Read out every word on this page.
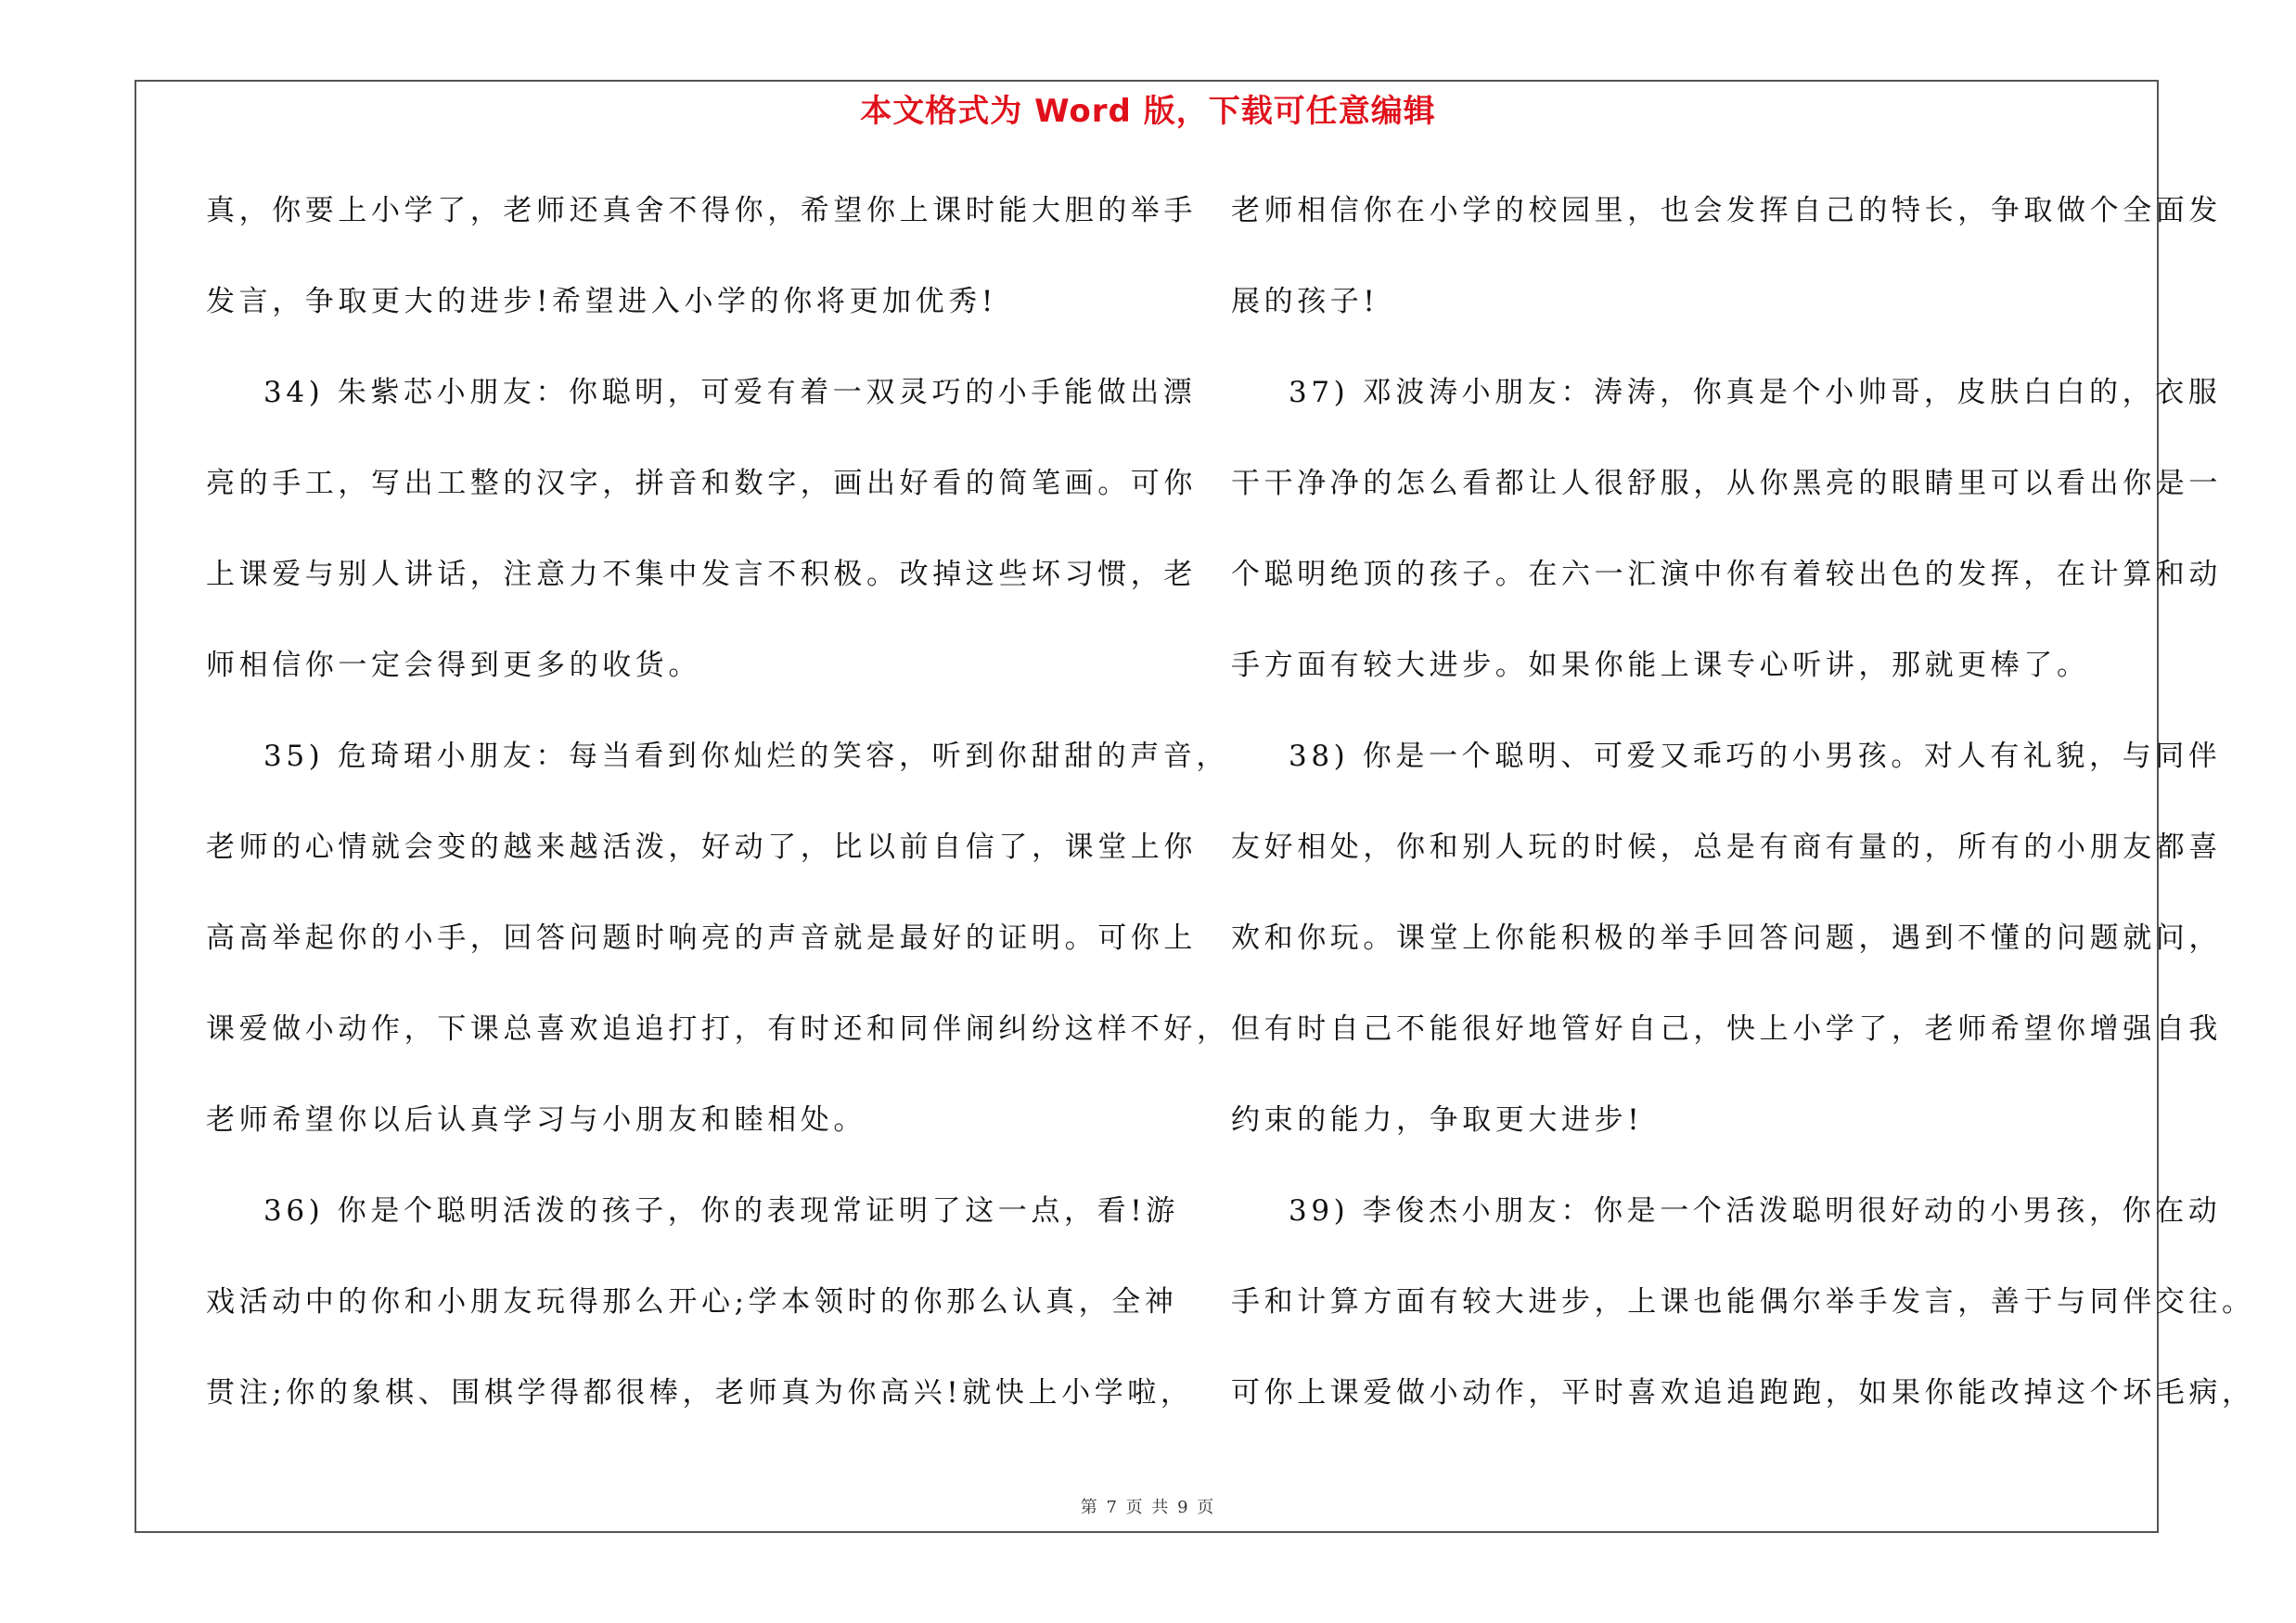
本文格式为 Word 版，下载可任意编辑
真，你要上小学了，老师还真舍不得你，希望你上课时能大胆的举手
发言，争取更大的进步!希望进入小学的你将更加优秀!
34) 朱紫芯小朋友：你聪明，可爱有着一双灵巧的小手能做出漂
亮的手工，写出工整的汉字，拼音和数字，画出好看的简笔画。可你
上课爱与别人讲话，注意力不集中发言不积极。改掉这些坏习惯，老
师相信你一定会得到更多的收货。
35) 危琦珺小朋友：每当看到你灿烂的笑容，听到你甜甜的声音，
老师的心情就会变的越来越活泼，好动了，比以前自信了，课堂上你
高高举起你的小手，回答问题时响亮的声音就是最好的证明。可你上
课爱做小动作，下课总喜欢追追打打，有时还和同伴闹纠纷这样不好，
老师希望你以后认真学习与小朋友和睦相处。
36) 你是个聪明活泼的孩子，你的表现常证明了这一点，看!游
戏活动中的你和小朋友玩得那么开心;学本领时的你那么认真，全神
贯注;你的象棋、围棋学得都很棒，老师真为你高兴!就快上小学啦，
老师相信你在小学的校园里，也会发挥自己的特长，争取做个全面发
展的孩子!
37) 邓波涛小朋友：涛涛，你真是个小帅哥，皮肤白白的，衣服
干干净净的怎么看都让人很舒服，从你黑亮的眼睛里可以看出你是一
个聪明绝顶的孩子。在六一汇演中你有着较出色的发挥，在计算和动
手方面有较大进步。如果你能上课专心听讲，那就更棒了。
38) 你是一个聪明、可爱又乖巧的小男孩。对人有礼貌，与同伴
友好相处，你和别人玩的时候，总是有商有量的，所有的小朋友都喜
欢和你玩。课堂上你能积极的举手回答问题，遇到不懂的问题就问，
但有时自己不能很好地管好自己，快上小学了，老师希望你增强自我
约束的能力，争取更大进步!
39) 李俊杰小朋友：你是一个活泼聪明很好动的小男孩，你在动
手和计算方面有较大进步，上课也能偶尔举手发言，善于与同伴交往。
可你上课爱做小动作，平时喜欢追追跑跑，如果你能改掉这个坏毛病，
第 7 页 共 9 页
